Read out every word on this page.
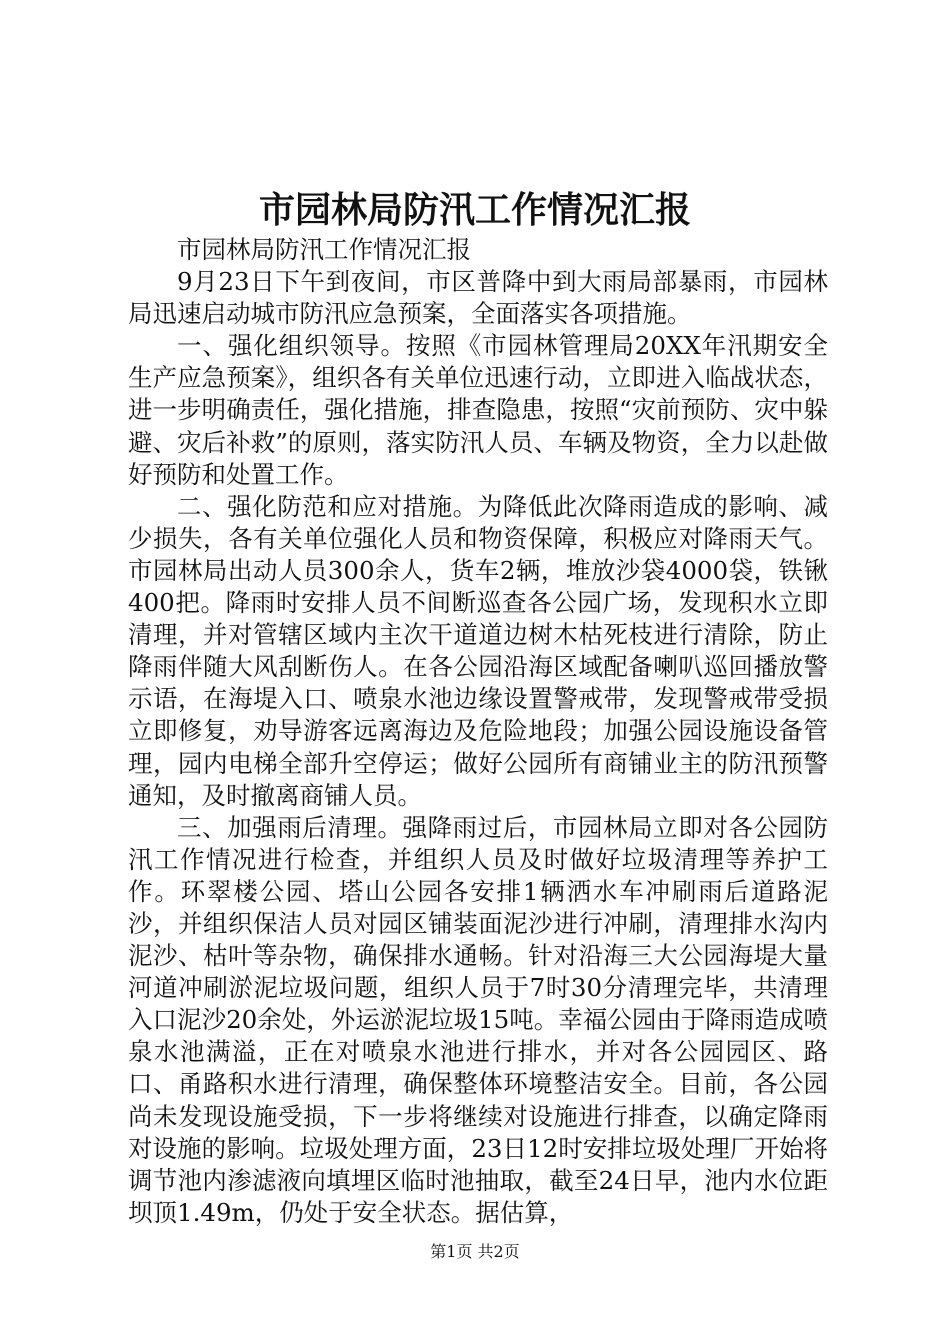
市园林局防汛工作情况汇报

市园林局防汛工作情况汇报

9月23日下午到夜间，市区普降中到大雨局部暴雨，市园林局迅速启动城市防汛应急预案，全面落实各项措施。

一、强化组织领导。按照《市园林管理局20XX年汛期安全生产应急预案》，组织各有关单位迅速行动，立即进入临战状态，进一步明确责任，强化措施，排查隐患，按照“灾前预防、灾中躲避、灾后补救”的原则，落实防汛人员、车辆及物资，全力以赴做好预防和处置工作。

二、强化防范和应对措施。为降低此次降雨造成的影响、减少损失，各有关单位强化人员和物资保障，积极应对降雨天气。市园林局出动人员300余人，货车2辆，堆放沙袋4000袋，铁锹400把。降雨时安排人员不间断巡查各公园广场，发现积水立即清理，并对管辖区域内主次干道道边树木枯死枝进行清除，防止降雨伴随大风刮断伤人。在各公园沿海区域配备喇叭巡回播放警示语，在海堤入口、喷泉水池边缘设置警戒带，发现警戒带受损立即修复，劝导游客远离海边及危险地段；加强公园设施设备管理，园内电梯全部升空停运；做好公园所有商铺业主的防汛预警通知，及时撤离商铺人员。

三、加强雨后清理。强降雨过后，市园林局立即对各公园防汛工作情况进行检查，并组织人员及时做好垃圾清理等养护工作。环翠楼公园、塔山公园各安排1辆洒水车冲刷雨后道路泥沙，并组织保洁人员对园区铺装面泥沙进行冲刷，清理排水沟内泥沙、枯叶等杂物，确保排水通畅。针对沿海三大公园海堤大量河道冲刷淤泥垃圾问题，组织人员于7时30分清理完毕，共清理入口泥沙20余处，外运淤泥垃圾15吨。幸福公园由于降雨造成喷泉水池满溢，正在对喷泉水池进行排水，并对各公园园区、路口、甬路积水进行清理，确保整体环境整洁安全。目前，各公园尚未发现设施受损，下一步将继续对设施进行排查，以确定降雨对设施的影响。垃圾处理方面，23日12时安排垃圾处理厂开始将调节池内渗滤液向填埋区临时池抽取，截至24日早，池内水位距坝顶1.49m，仍处于安全状态。据估算，

第1页 共2页
